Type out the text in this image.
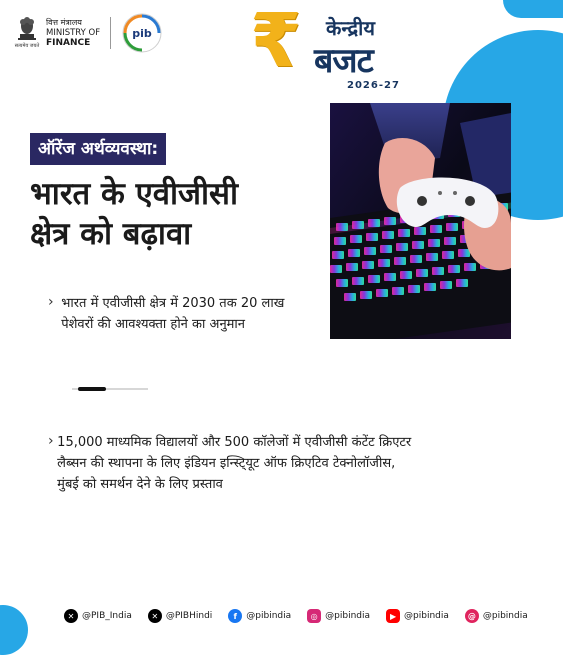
सत्यमेव जयते
वित्त मंत्रालय
MINISTRY OF
FINANCE
pib ₹ केन्द्रीय
बजट
2026-27
ऑरेंज अर्थव्यवस्था:
भारत के एवीजीसी
क्षेत्र को बढ़ावा
› भारत में एवीजीसी क्षेत्र में 2030 तक 20 लाख पेशेवरों की आवश्यक्ता होने का अनुमान
› 15,000 माध्यमिक विद्यालयों और 500 कॉलेजों में एवीजीसी कंटेंट क्रिएटर लैब्सन की स्थापना के लिए इंडियन इन्स्टि्यूट ऑफ क्रिएटिव टेक्नोलॉजीस, मुंबई को समर्थन देने के लिए प्रस्ताव
✕ @PIB_India	✕ @PIBHindi	f	@pibindia	◎ @pibindia	▶ @pibindia	@ @pibindia
